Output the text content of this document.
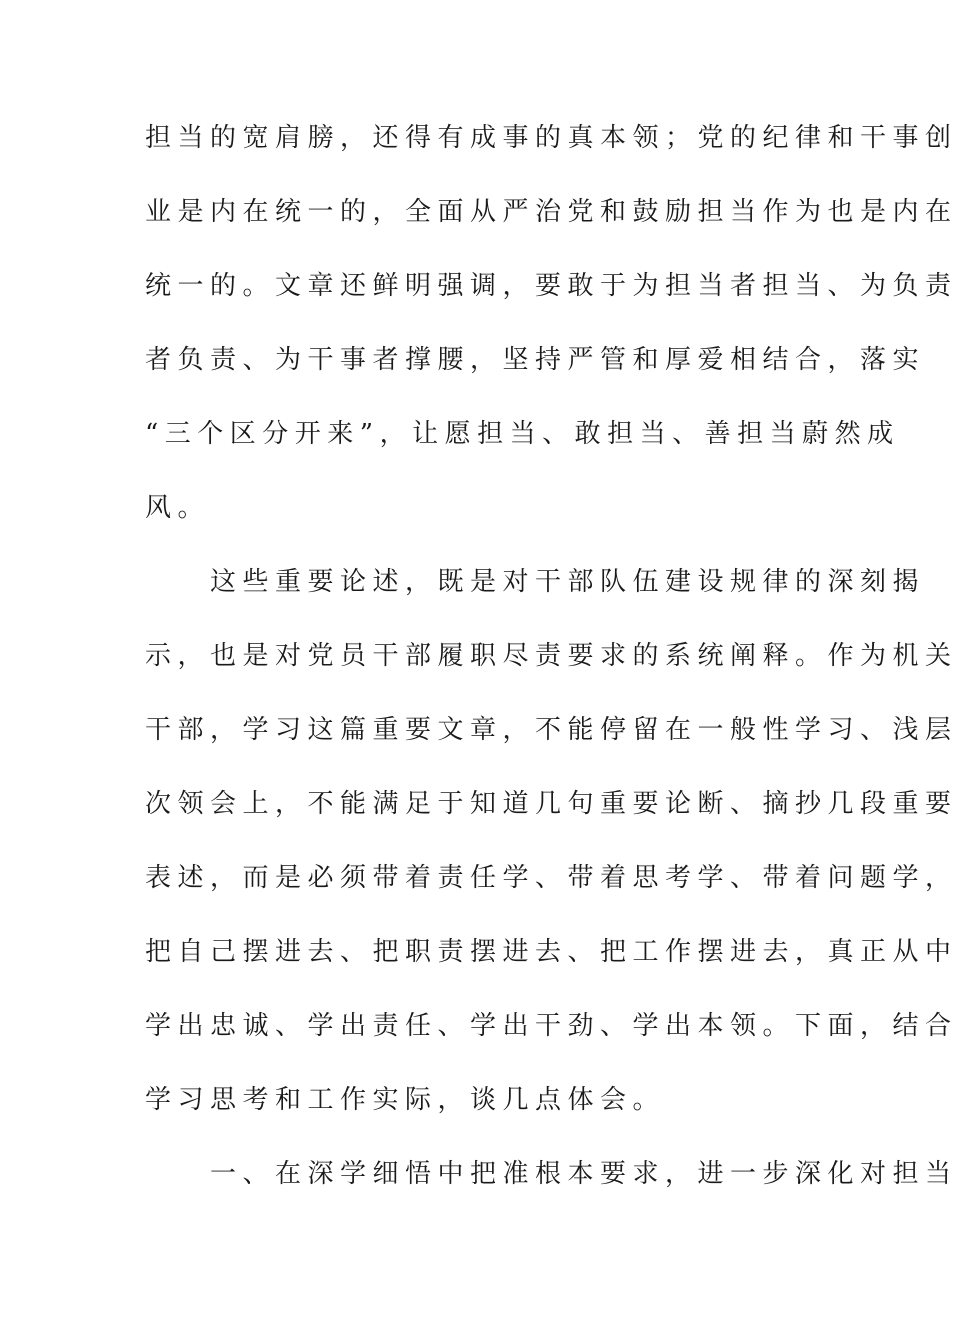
担当的宽肩膀，还得有成事的真本领；党的纪律和干事创
业是内在统一的，全面从严治党和鼓励担当作为也是内在
统一的。文章还鲜明强调，要敢于为担当者担当、为负责
者负责、为干事者撑腰，坚持严管和厚爱相结合，落实
“三个区分开来”，让愿担当、敢担当、善担当蔚然成
风。
　　这些重要论述，既是对干部队伍建设规律的深刻揭
示，也是对党员干部履职尽责要求的系统阐释。作为机关
干部，学习这篇重要文章，不能停留在一般性学习、浅层
次领会上，不能满足于知道几句重要论断、摘抄几段重要
表述，而是必须带着责任学、带着思考学、带着问题学，
把自己摆进去、把职责摆进去、把工作摆进去，真正从中
学出忠诚、学出责任、学出干劲、学出本领。下面，结合
学习思考和工作实际，谈几点体会。
　　一、在深学细悟中把准根本要求，进一步深化对担当
